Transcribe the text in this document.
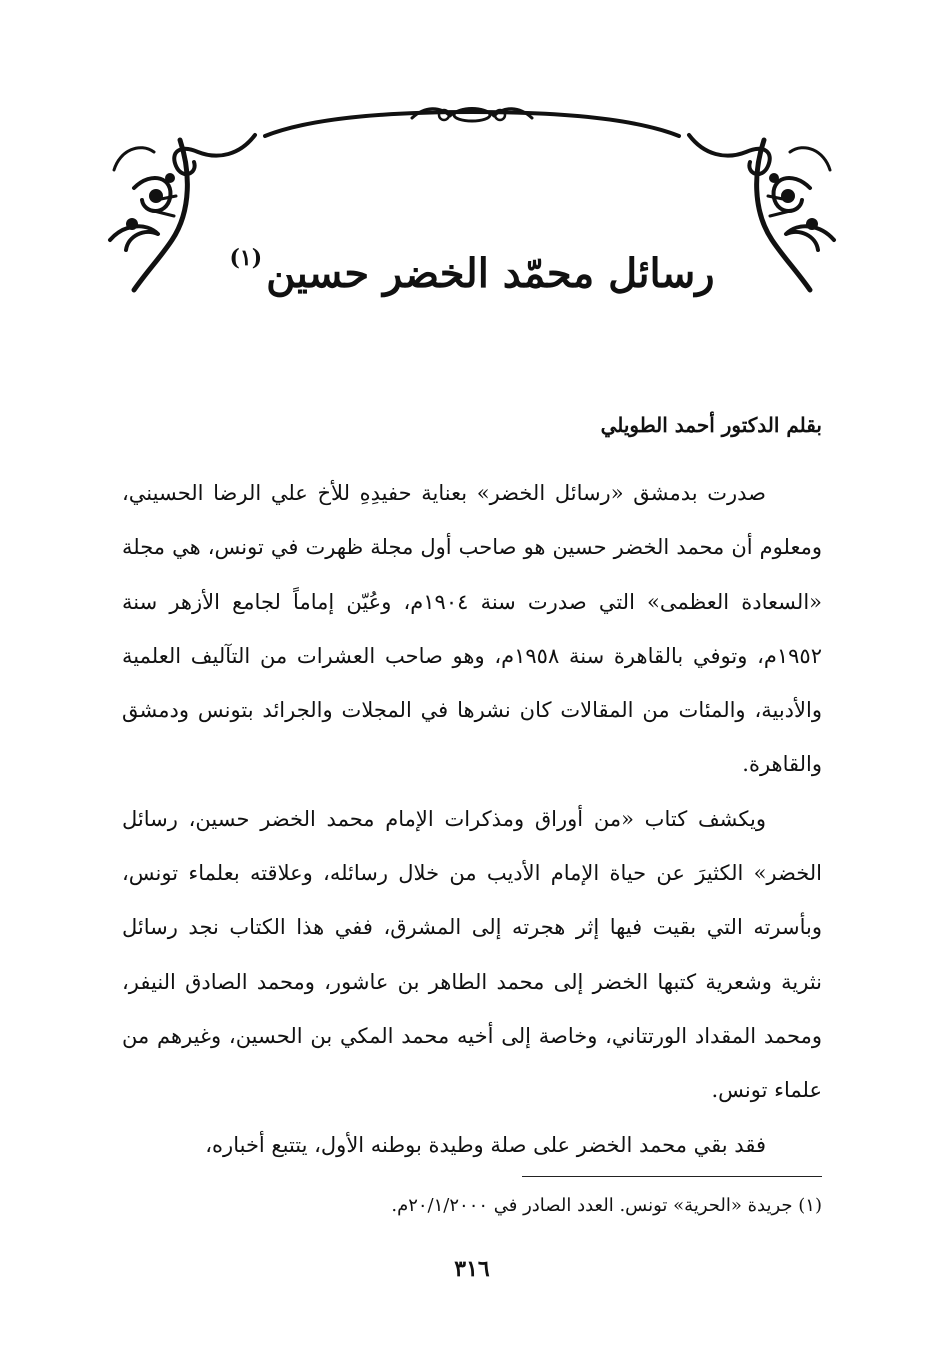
رسائل محمّد الخضر حسين$^{(١)}$

بقلم الدكتور أحمد الطويلي

صدرت بدمشق «رسائل الخضر» بعناية حفيدِهِ للأخ علي الرضا الحسيني، ومعلوم أن محمد الخضر حسين هو صاحب أول مجلة ظهرت في تونس، هي مجلة «السعادة العظمى» التي صدرت سنة ١٩٠٤م، وعُيّن إماماً لجامع الأزهر سنة ١٩٥٢م، وتوفي بالقاهرة سنة ١٩٥٨م، وهو صاحب العشرات من التآليف العلمية والأدبية، والمئات من المقالات كان نشرها في المجلات والجرائد بتونس ودمشق والقاهرة.

ويكشف كتاب «من أوراق ومذكرات الإمام محمد الخضر حسين، رسائل الخضر» الكثيرَ عن حياة الإمام الأديب من خلال رسائله، وعلاقته بعلماء تونس، وبأسرته التي بقيت فيها إثر هجرته إلى المشرق، ففي هذا الكتاب نجد رسائل نثرية وشعرية كتبها الخضر إلى محمد الطاهر بن عاشور، ومحمد الصادق النيفر، ومحمد المقداد الورتتاني، وخاصة إلى أخيه محمد المكي بن الحسين، وغيرهم من علماء تونس.

فقد بقي محمد الخضر على صلة وطيدة بوطنه الأول، يتتبع أخباره،

(١) جريدة «الحرية» تونس. العدد الصادر في ٢٠/١/٢٠٠٠م.

٣١٦
